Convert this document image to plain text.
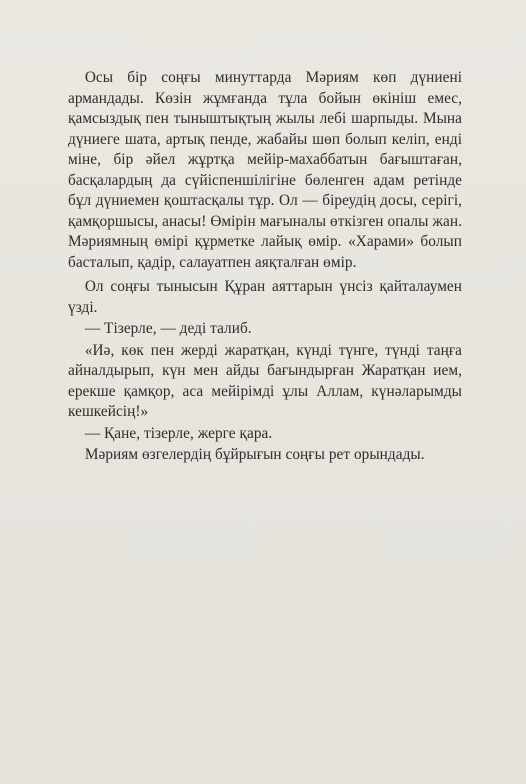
Осы бір соңғы минуттарда Мәриям көп дүниені армандады. Көзін жұмғанда тұла бойын өкініш емес, қамсыздық пен тыныштықтың жылы лебі шарпыды. Мына дүниеге шата, артық пенде, жабайы шөп болып келіп, енді міне, бір әйел жұртқа мейір-махаббатын бағыштаған, басқалардың да сүйіспеншілігіне бөленген адам ретінде бұл дүниемен қоштасқалы тұр. Ол — біреудің досы, серігі, қамқоршысы, анасы! Өмірін мағыналы өткізген опалы жан. Мәриямның өмірі құрметке лайық өмір. «Харами» болып басталып, қадір, салауатпен аяқталған өмір.

Ол соңғы тынысын Құран аяттарын үнсіз қайталаумен үзді.

— Тізерле, — деді талиб.

«Иә, көк пен жерді жаратқан, күнді түнге, түнді таңға айналдырып, күн мен айды бағындырған Жаратқан ием, ерекше қамқор, аса мейірімді ұлы Аллам, күнәларымды кешкейсің!»

— Қане, тізерле, жерге қара.

Мәриям өзгелердің бұйрығын соңғы рет орындады.
